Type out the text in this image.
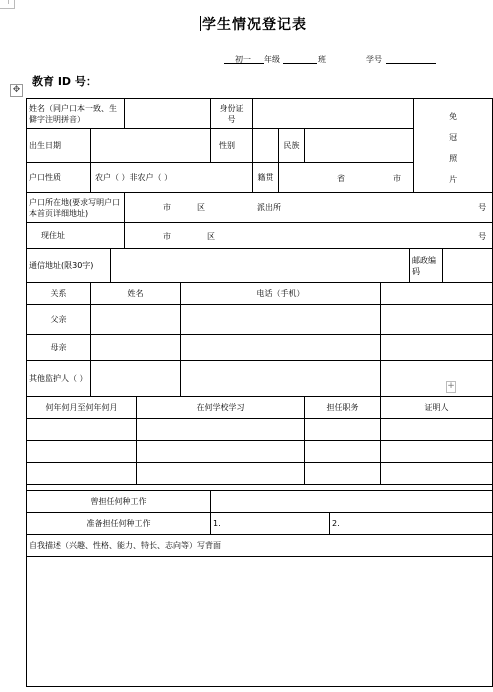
学生情况登记表
初一 年级	班	学号
教育 ID 号：
✥
+
姓名（同户口本一致、生僻字注明拼音）						身份证号							免
冠
照
片	

出生日期						性别		民族						
户口性质	农户（ ）非农户（ ）						籍贯	省 市						

户口所在地(要求写明户口本首页详细地址)			市 区 派出所 号											

现住址			市 区 号											

通信地址(限30字)												邮政编码		
关系	姓名				电话（手机）									
父亲														
母亲														
其他监护人（ ）														
何年何月至何年何月				在何学校学习					担任职务		证明人			

曾担任何种工作														
准备担任何种工作						1.				2.				
自我描述（兴趣、性格、能力、特长、志向等）写背面														
